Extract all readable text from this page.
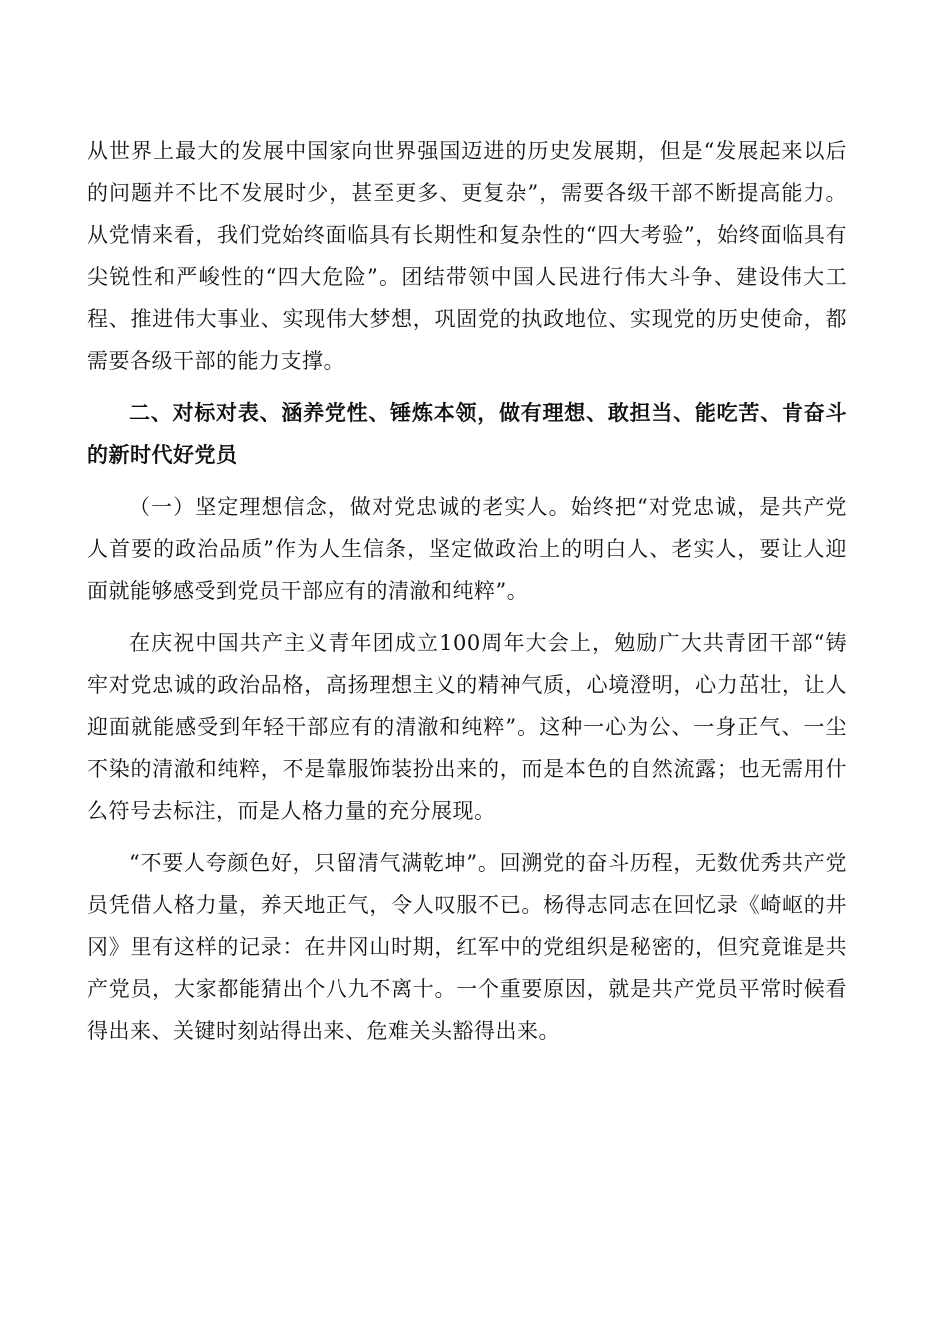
从世界上最大的发展中国家向世界强国迈进的历史发展期，但是“发展起来以后的问题并不比不发展时少，甚至更多、更复杂”，需要各级干部不断提高能力。从党情来看，我们党始终面临具有长期性和复杂性的“四大考验”，始终面临具有尖锐性和严峻性的“四大危险”。团结带领中国人民进行伟大斗争、建设伟大工程、推进伟大事业、实现伟大梦想，巩固党的执政地位、实现党的历史使命，都需要各级干部的能力支撑。

二、对标对表、涵养党性、锤炼本领，做有理想、敢担当、能吃苦、肯奋斗的新时代好党员

（一）坚定理想信念，做对党忠诚的老实人。始终把“对党忠诚，是共产党人首要的政治品质”作为人生信条，坚定做政治上的明白人、老实人，要让人迎面就能够感受到党员干部应有的清澈和纯粹”。

在庆祝中国共产主义青年团成立100周年大会上，勉励广大共青团干部“铸牢对党忠诚的政治品格，高扬理想主义的精神气质，心境澄明，心力茁壮，让人迎面就能感受到年轻干部应有的清澈和纯粹”。这种一心为公、一身正气、一尘不染的清澈和纯粹，不是靠服饰装扮出来的，而是本色的自然流露；也无需用什么符号去标注，而是人格力量的充分展现。

“不要人夸颜色好，只留清气满乾坤”。回溯党的奋斗历程，无数优秀共产党员凭借人格力量，养天地正气，令人叹服不已。杨得志同志在回忆录《崎岖的井冈》里有这样的记录：在井冈山时期，红军中的党组织是秘密的，但究竟谁是共产党员，大家都能猜出个八九不离十。一个重要原因，就是共产党员平常时候看得出来、关键时刻站得出来、危难关头豁得出来。
